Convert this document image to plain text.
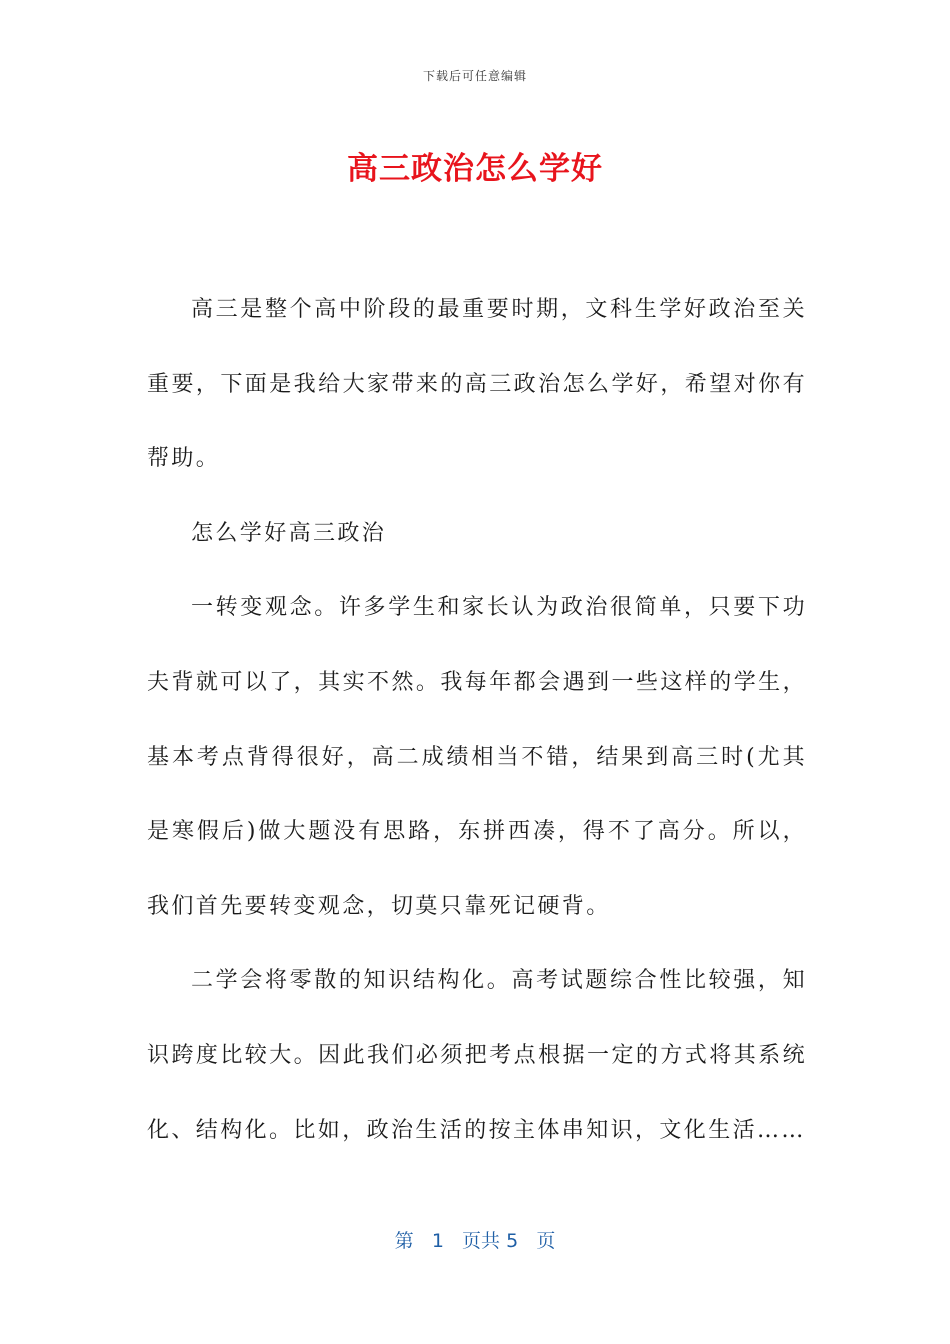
下载后可任意编辑
高三政治怎么学好

高三是整个高中阶段的最重要时期，文科生学好政治至关重要，下面是我给大家带来的高三政治怎么学好，希望对你有帮助。

怎么学好高三政治

一转变观念。许多学生和家长认为政治很简单，只要下功夫背就可以了，其实不然。我每年都会遇到一些这样的学生，基本考点背得很好，高二成绩相当不错，结果到高三时(尤其是寒假后)做大题没有思路，东拼西凑，得不了高分。所以，我们首先要转变观念，切莫只靠死记硬背。

二学会将零散的知识结构化。高考试题综合性比较强，知识跨度比较大。因此我们必须把考点根据一定的方式将其系统化、结构化。比如，政治生活的按主体串知识，文化生活……

第 1 页共 5 页
